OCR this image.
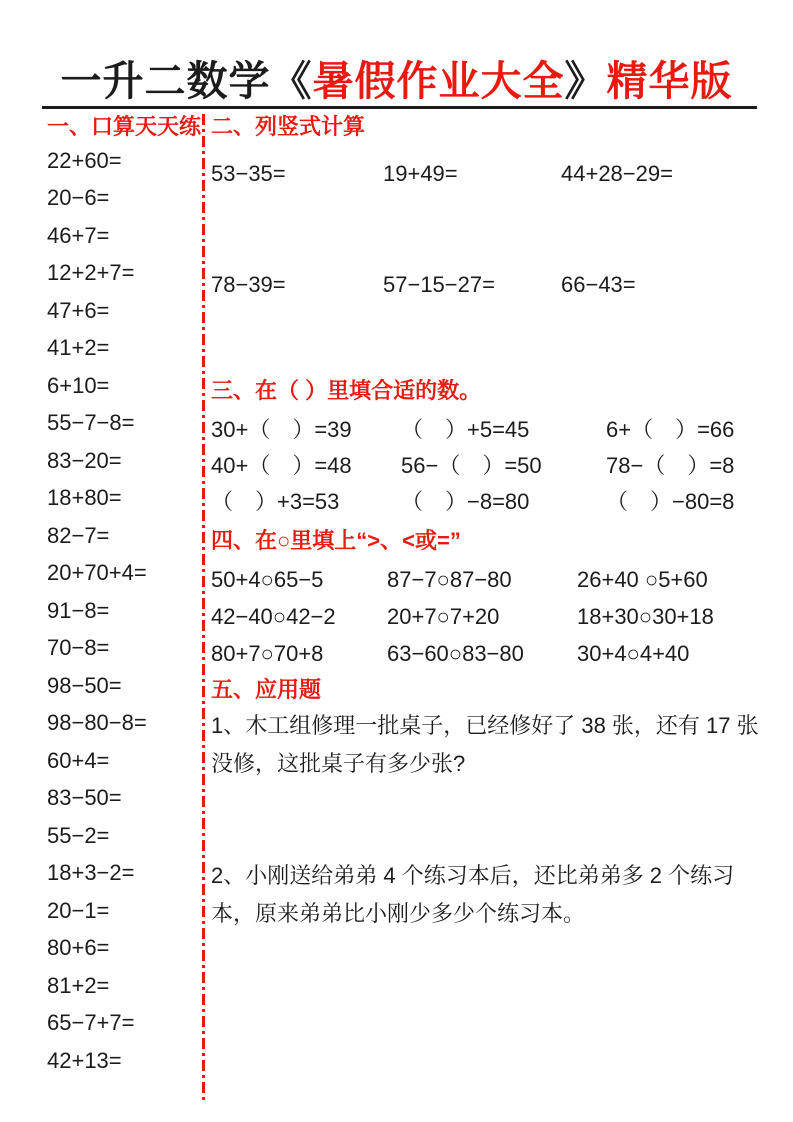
一升二数学《暑假作业大全》精华版
一、口算天天练
22+60=
20−6=
46+7=
12+2+7=
47+6=
41+2=
6+10=
55−7−8=
83−20=
18+80=
82−7=
20+70+4=
91−8=
70−8=
98−50=
98−80−8=
60+4=
83−50=
55−2=
18+3−2=
20−1=
80+6=
81+2=
65−7+7=
42+13=
二、列竖式计算
53−35=	19+49=	44+28−29=
78−39=	57−15−27=	66−43=
三、在（ ）里填合适的数。
30+（　）=39	（　）+5=45	6+（　）=66
40+（　）=48	56−（　）=50	78−（　）=8
（　）+3=53	（　）−8=80	（　）−80=8
四、在○里填上“>、<或=”
50+4○65−5	87−7○87−80	26+40 ○5+60
42−40○42−2	20+7○7+20	18+30○30+18
80+7○70+8	63−60○83−80	30+4○4+40
五、应用题

1、木工组修理一批桌子，已经修好了 38 张，还有 17 张没修，这批桌子有多少张?

2、小刚送给弟弟 4 个练习本后，还比弟弟多 2 个练习本，原来弟弟比小刚少多少个练习本。
